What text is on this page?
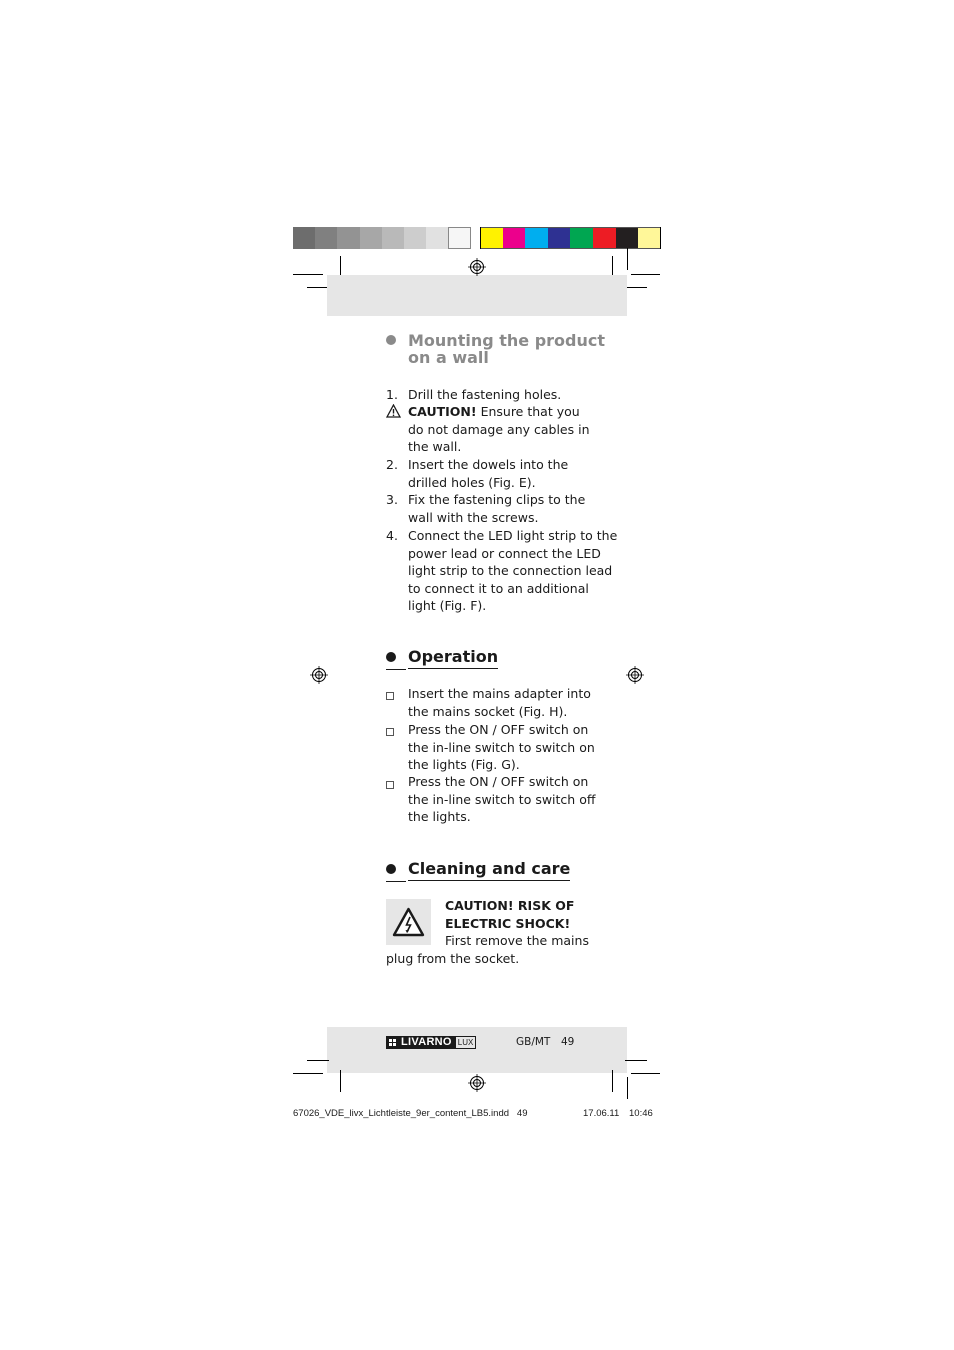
Mounting the product
on a wall
1. Drill the fastening holes.
CAUTION! Ensure that you
do not damage any cables in
the wall.
2. Insert the dowels into the
drilled holes (Fig. E).
3. Fix the fastening clips to the
wall with the screws.
4. Connect the LED light strip to the
power lead or connect the LED
light strip to the connection lead
to connect it to an additional
light (Fig. F).
Operation
Insert the mains adapter into
the mains socket (Fig. H).
Press the ON / OFF switch on
the in-line switch to switch on
the lights (Fig. G).
Press the ON / OFF switch on
the in-line switch to switch off
the lights.
Cleaning and care
CAUTION! RISK OF
ELECTRIC SHOCK!
First remove the mains
plug from the socket.
LIVARNO LUX	GB/MT 49
67026_VDE_livx_Lichtleiste_9er_content_LB5.indd   49	17.06.11 10:46
